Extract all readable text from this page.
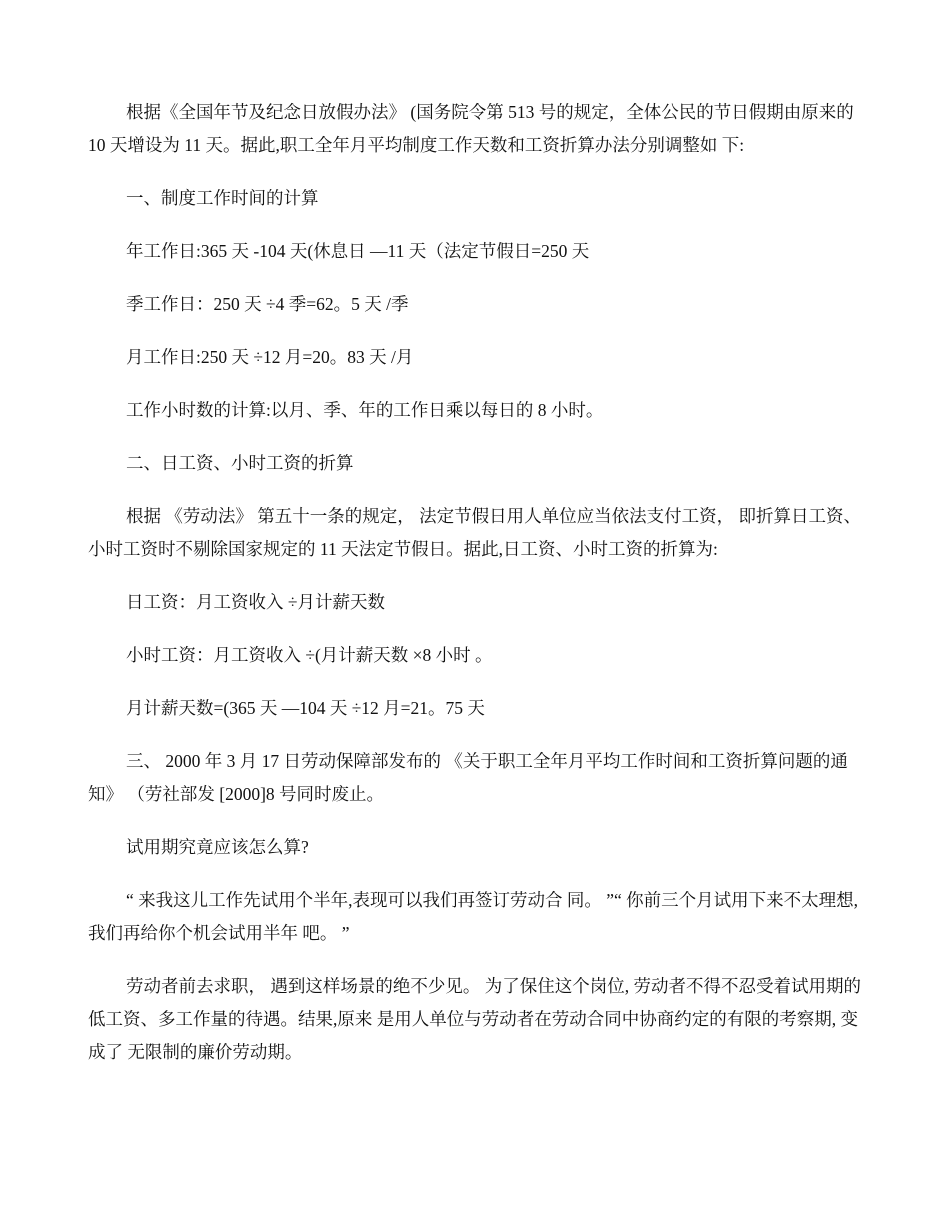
根据《全国年节及纪念日放假办法》 (国务院令第 513 号的规定，全体公民的节日假期由原来的 10 天增设为 11 天。据此,职工全年月平均制度工作天数和工资折算办法分别调整如 下:

一、制度工作时间的计算

年工作日:365 天 -104 天(休息日 —11 天（法定节假日=250 天

季工作日：250 天 ÷4 季=62。5 天 /季

月工作日:250 天 ÷12 月=20。83 天 /月

工作小时数的计算:以月、季、年的工作日乘以每日的 8 小时。

二、日工资、小时工资的折算

根据 《劳动法》 第五十一条的规定， 法定节假日用人单位应当依法支付工资， 即折算日工资、 小时工资时不剔除国家规定的 11 天法定节假日。据此,日工资、小时工资的折算为:

日工资：月工资收入 ÷月计薪天数

小时工资：月工资收入 ÷(月计薪天数 ×8 小时 。

月计薪天数=(365 天 —104 天 ÷12 月=21。75 天

三、 2000 年 3 月 17 日劳动保障部发布的 《关于职工全年月平均工作时间和工资折算问题的通 知》 （劳社部发 [2000]8 号同时废止。

试用期究竟应该怎么算?

“ 来我这儿工作先试用个半年,表现可以我们再签订劳动合 同。 ”“ 你前三个月试用下来不太理想,我们再给你个机会试用半年 吧。 ”

劳动者前去求职， 遇到这样场景的绝不少见。 为了保住这个岗位, 劳动者不得不忍受着试用期的低工资、多工作量的待遇。结果,原来 是用人单位与劳动者在劳动合同中协商约定的有限的考察期, 变成了 无限制的廉价劳动期。
